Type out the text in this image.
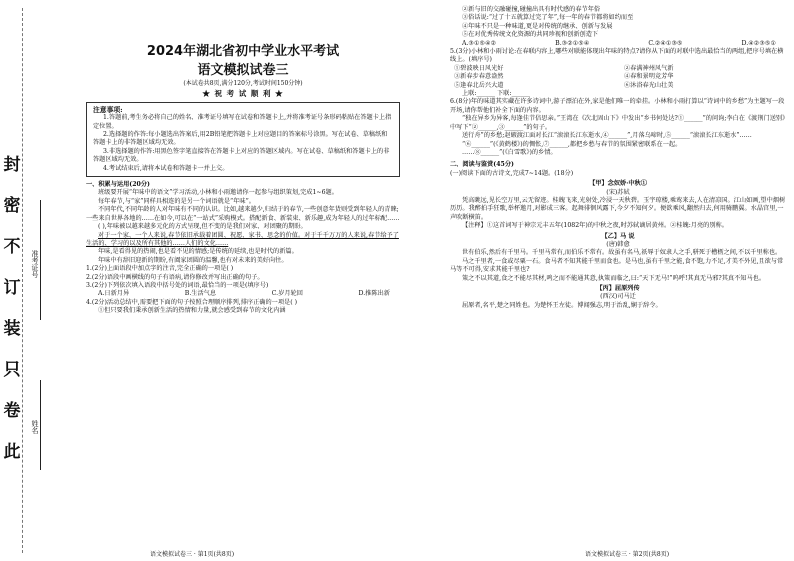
封
密
不
订
装
只
卷
此
准考证号
姓名
2024年湖北省初中学业水平考试
语文模拟试卷三
(本试卷共8页,满分120分,考试时间150分钟)
★ 祝 考 试 顺 利 ★
注意事项:

1.答题前,考生务必将自己的姓名、准考证号填写在试卷和答题卡上,并将准考证号条形码粘贴在答题卡上指定位置。

2.选择题的作答:每小题选出答案后,用2B铅笔把答题卡上对应题目的答案标号涂黑。写在试卷、草稿纸和答题卡上的非答题区域均无效。

3.非选择题的作答:用黑色签字笔直接答在答题卡上对应的答题区域内。写在试卷、草稿纸和答题卡上的非答题区域均无效。

4.考试结束后,请将本试卷和答题卡一并上交。

一、积累与运用(20分)

班级要开展“年味中的语文”学习活动,小林和小雨邀请你一起参与组织策划,完成1~6题。

每年春节,与“家”同样具相连的是另一个词语就是“年味”。

不同年代,不同年龄的人对年味有不同的认识。比如,越来越少,归结于的春节,一些创意年货则受到年轻人的青睐;一些来自世界各地的……在如今,可以在“一站式”采购模式。搭配新食、新装束、新乐趣,成为年轻人的过年标配……

( ),年味被以越来越多元化的方式呈现,但不变的是我们对家、对团聚的期盼。

对于一个家、一个人来说,春节依旧承载着团圆、祝愿、家书、思念的价值。对于千千万万的人来说,春节给予了生活的、学习的以及所有其他的……人们的文化……

年味,是看得见的热闹,也是看不见的情感;是传统的延续,也是时代的新篇。

年味中有辞旧迎新的期盼,有阖家团圆的温馨,也有对未来的美好向往。

1.(2分)上面语段中加点字的注音,完全正确的一项是( )

2.(2分)语段中画横线的句子有语病,请你修改并写出正确的句子。

3.(2分)下列依次填入语段中括号处的词语,最恰当的一项是(填序号)

A.日新月异	B.生活气息	C.岁月轮回	D.推陈出新

4.(2分)活动总结中,需要把下面的句子按照合理顺序排列,排序正确的一项是( )

①但只要我们秉承创新生活的热情和力量,就会感受到春节的文化内涵

语文模拟试卷三 · 第1页(共8页)

②新与旧的交融碰撞,碰撞出具有时代感的春节年俗

③俗话说:“过了十五就算过完了年”,每一年的春节都将如约而至

④年味不只是一种味道,更是对传统的继承、创新与发展

⑤在对优秀传统文化资源的共同珍视和创新创造下

A.③①⑤④②	B.③②①⑤④	C.②④①③⑤	D.④②③⑤①

5.(3分)小林和小雨讨论:在春联内容上,哪些对联能体现出年味的特点?请你从下面的对联中选出最恰当的两组,把序号填在横线上。(填序号)

①碧波映日风光好	②春满神州风气新
③新春步春意盎然	④春和景明竞芳华
⑤逢春北岳兴大道	⑥沐浴春光山壮美

上联:______ 下联:______

6.(8分)年的味道其实藏在许多诗词中,游子漂泊在外,家是他们唯一的牵挂。小林和小雨打算以“诗词中的乡愁”为主题写一段开场,请你帮他们补全下面的内容。

“独在异乡为异客,每逢佳节倍思亲。”王湾在《次北固山下》中发出“乡书何处达?①______”的问询;李白在《渡荆门送别》中写下“②______,③______”的句子。

送行舟”的乡愁;赵嘏渡江面对长江“滚滚长江东逝水,④______”,月落乌啼时,⑤______“滚滚长江东逝水”……

“⑥______”(《黄鹤楼》)的惆怅,⑦______,都把乡愁与春节的氛围紧密联系在一起。

……⑧______”(《白雪歌》)的乡情。

二、阅读与鉴赏(45分)

(一)阅读下面的古诗文,完成7~14题。(18分)

【甲】念奴娇·中秋①
(宋)苏轼

凭高眺远,见长空万里,云无留迹。桂魄飞来,光射处,冷浸一天秋碧。玉宇琼楼,乘鸾来去,人在清凉国。江山如画,望中烟树历历。我醉拍手狂歌,举杯邀月,对影成三客。起舞徘徊风露下,今夕不知何夕。便欲乘风,翻然归去,何用骑鹏翼。水晶宫里,一声吹断横笛。

【注释】①这首词写于神宗元丰五年(1082年)的中秋之夜,时苏轼谪居黄州。②桂魄:月亮的别称。

【乙】马 说
(唐)韩愈

世有伯乐,然后有千里马。千里马常有,而伯乐不常有。故虽有名马,祇辱于奴隶人之手,骈死于槽枥之间,不以千里称也。

马之千里者,一食或尽粟一石。食马者不知其能千里而食也。是马也,虽有千里之能,食不饱,力不足,才美不外见,且欲与常马等不可得,安求其能千里也?

策之不以其道,食之不能尽其材,鸣之而不能通其意,执策而临之,曰:“天下无马!”呜呼!其真无马邪?其真不知马也。

【丙】屈原列传
(西汉)司马迁

屈原者,名平,楚之同姓也。为楚怀王左徒。博闻强志,明于治乱,娴于辞令。

语文模拟试卷三 · 第2页(共8页)
